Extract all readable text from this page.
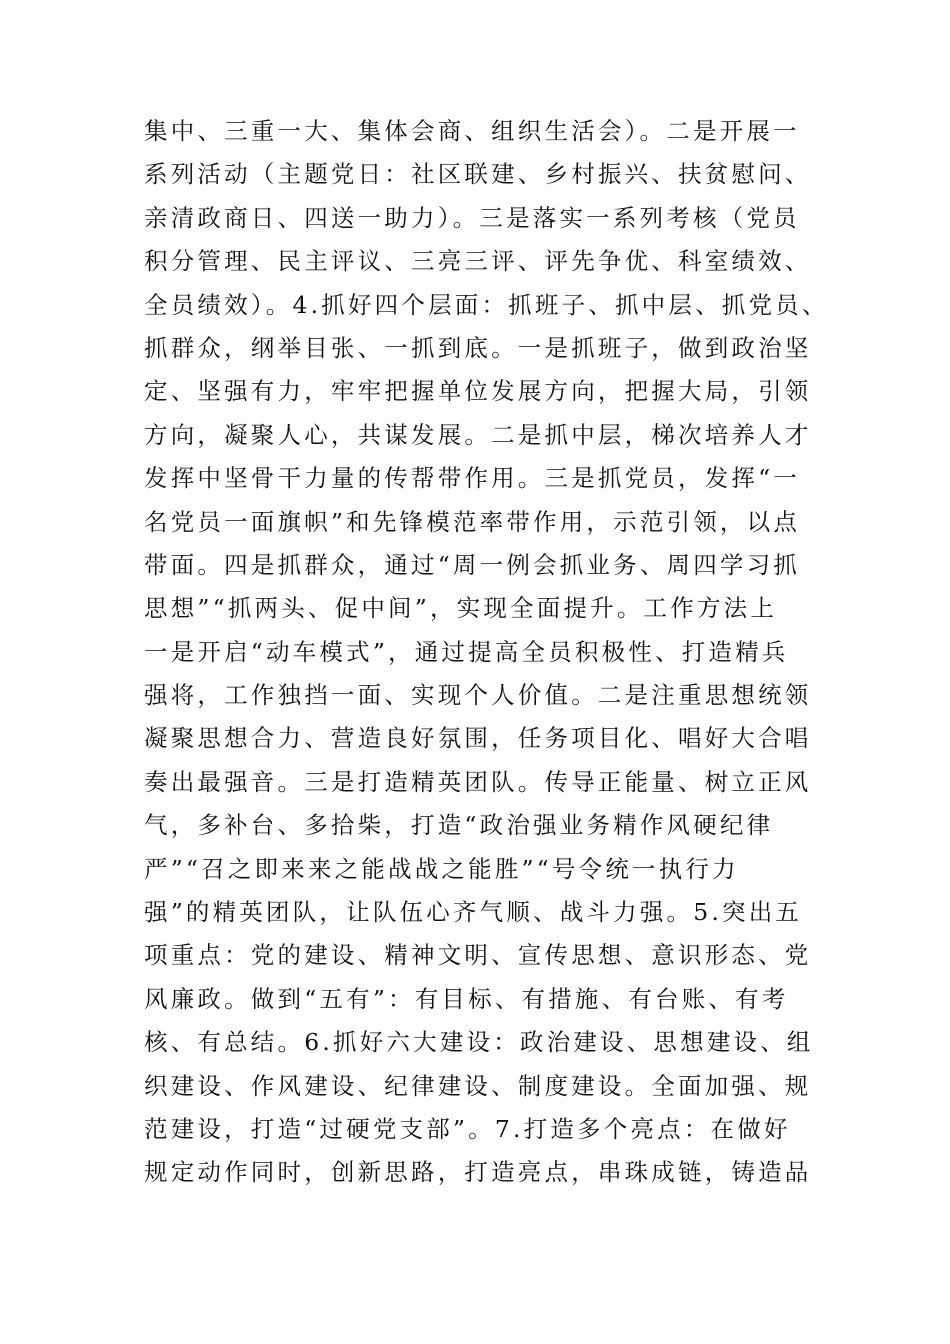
集中、三重一大、集体会商、组织生活会）。二是开展一
系列活动（主题党日：社区联建、乡村振兴、扶贫慰问、
亲清政商日、四送一助力）。三是落实一系列考核（党员
积分管理、民主评议、三亮三评、评先争优、科室绩效、
全员绩效）。4.抓好四个层面：抓班子、抓中层、抓党员、
抓群众，纲举目张、一抓到底。一是抓班子，做到政治坚
定、坚强有力，牢牢把握单位发展方向，把握大局，引领
方向，凝聚人心，共谋发展。二是抓中层，梯次培养人才
发挥中坚骨干力量的传帮带作用。三是抓党员，发挥“一
名党员一面旗帜”和先锋模范率带作用，示范引领，以点
带面。四是抓群众，通过“周一例会抓业务、周四学习抓
思想”“抓两头、促中间”，实现全面提升。工作方法上
一是开启“动车模式”，通过提高全员积极性、打造精兵
强将，工作独挡一面、实现个人价值。二是注重思想统领
凝聚思想合力、营造良好氛围，任务项目化、唱好大合唱
奏出最强音。三是打造精英团队。传导正能量、树立正风
气，多补台、多拾柴，打造“政治强业务精作风硬纪律
严”“召之即来来之能战战之能胜”“号令统一执行力
强”的精英团队，让队伍心齐气顺、战斗力强。5.突出五
项重点：党的建设、精神文明、宣传思想、意识形态、党
风廉政。做到“五有”：有目标、有措施、有台账、有考
核、有总结。6.抓好六大建设：政治建设、思想建设、组
织建设、作风建设、纪律建设、制度建设。全面加强、规
范建设，打造“过硬党支部”。7.打造多个亮点：在做好
规定动作同时，创新思路，打造亮点，串珠成链，铸造品
